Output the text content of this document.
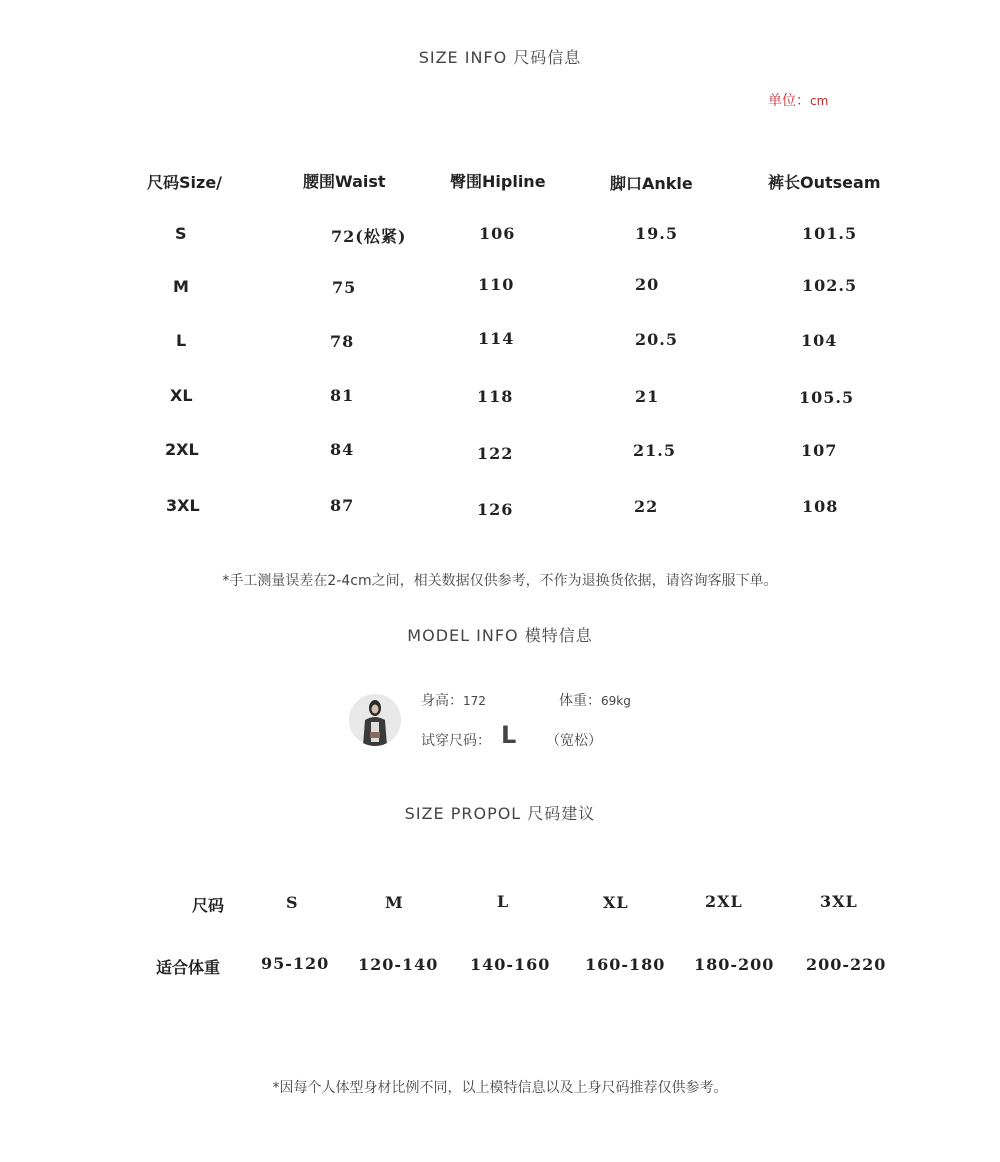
SIZE INFO 尺码信息
单位：cm
尺码Size/	腰围Waist	臀围Hipline	脚口Ankle	裤长Outseam
S	72(松紧)	106	19.5	101.5
M	75	110	20	102.5
L	78	114	20.5	104
XL	81	118	21	105.5
2XL	84	122	21.5	107
3XL	87	126	22	108
*手工测量误差在2-4cm之间，相关数据仅供参考，不作为退换货依据，请咨询客服下单。
MODEL INFO 模特信息
身高：172	体重：69kg
试穿尺码： L （宽松）
SIZE PROPOL 尺码建议
尺码	S	M	L	XL	2XL	3XL
适合体重	95-120 120-140 140-160 160-180 180-200 200-220
*因每个人体型身材比例不同，以上模特信息以及上身尺码推荐仅供参考。
